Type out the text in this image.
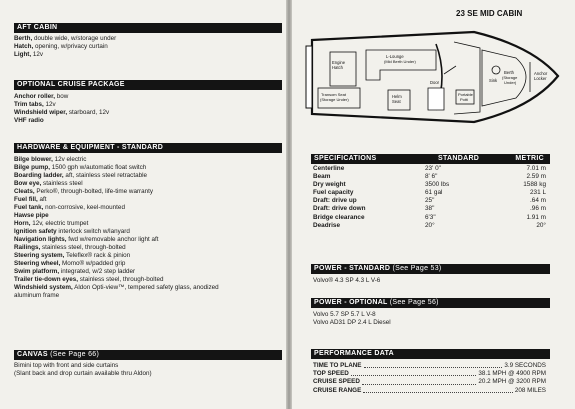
AFT CABIN
Berth, double wide, w/storage under
Hatch, opening, w/privacy curtain
Light, 12v
OPTIONAL CRUISE PACKAGE
Anchor roller, bow
Trim tabs, 12v
Windshield wiper, starboard, 12v
VHF radio
HARDWARE & EQUIPMENT - STANDARD
Bilge blower, 12v electric
Bilge pump, 1500 gph w/automatic float switch
Boarding ladder, aft, stainless steel retractable
Bow eye, stainless steel
Cleats, Perko®, through-bolted, life-time warranty
Fuel fill, aft
Fuel tank, non-corrosive, keel-mounted
Hawse pipe
Horn, 12v, electric trumpet
Ignition safety interlock switch w/lanyard
Navigation lights, fwd w/removable anchor light aft
Railings, stainless steel, through-bolted
Steering system, Teleflex® rack & pinion
Steering wheel, Momo® w/padded grip
Swim platform, integrated, w/2 step ladder
Trailer tie-down eyes, stainless steel, through-bolted
Windshield system, Aldon Opti-view™, tempered safety glass, anodized
aluminum frame
CANVAS (See Page 66)
Bimini top with front and side curtains
(Slant back and drop curtain available thru Aldon)
23 SE MID CABIN
Engine
Hatch
L-Lounge
(Mid Berth Under)
Transom Seat
(Storage Under)
Helm
Seat
Door
Portable
Potti
Sink
Berth
(Storage
Under)
Anchor
Locker
SPECIFICATIONS	STANDARD	METRIC
Centerline	23' 0"	7.01 m
Beam	8' 6"	2.59 m
Dry weight	3500 lbs	1588 kg
Fuel capacity	61 gal	231 L
Draft: drive up	25"	.64 m
Draft: drive down	38"	.96 m
Bridge clearance	6'3"	1.91 m
Deadrise	20°	20°
POWER - STANDARD (See Page 53)
Volvo® 4.3 SP 4.3 L V-6
POWER - OPTIONAL (See Page 56)
Volvo 5.7 SP 5.7 L V-8
Volvo AD31 DP 2.4 L Diesel
PERFORMANCE DATA
TIME TO PLANE	3.9 SECONDS
TOP SPEED	38.1 MPH @ 4900 RPM
CRUISE SPEED	20.2 MPH @ 3200 RPM
CRUISE RANGE	208 MILES
